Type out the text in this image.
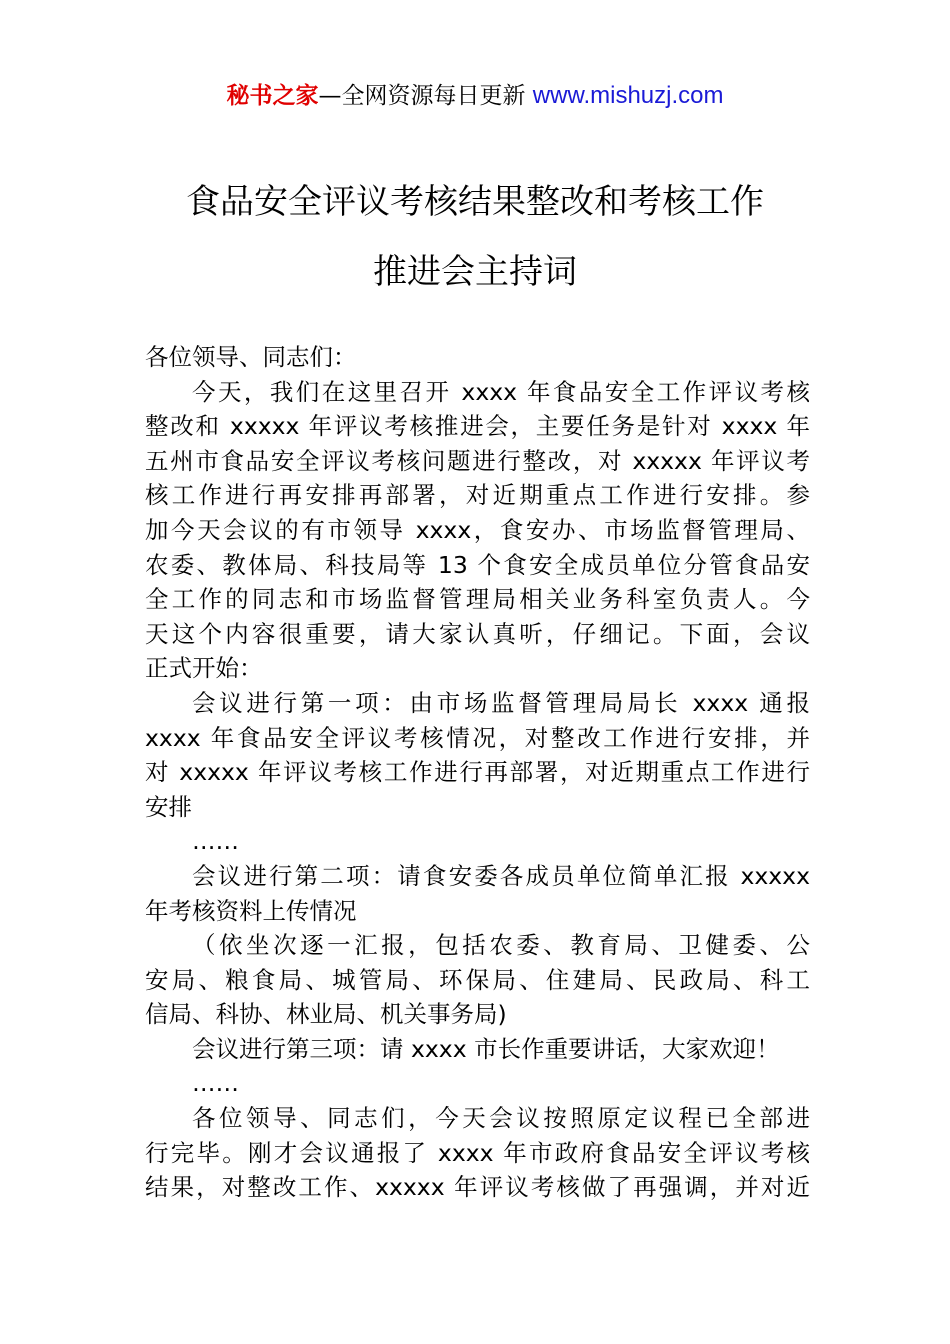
秘书之家—全网资源每日更新 www.mishuzj.com
食品安全评议考核结果整改和考核工作
推进会主持词
各位领导、同志们：
今天，我们在这里召开 xxxx 年食品安全工作评议考核
整改和 xxxxx 年评议考核推进会，主要任务是针对 xxxx 年
五州市食品安全评议考核问题进行整改，对 xxxxx 年评议考
核工作进行再安排再部署，对近期重点工作进行安排。参
加今天会议的有市领导 xxxx，食安办、市场监督管理局、
农委、教体局、科技局等 13 个食安全成员单位分管食品安
全工作的同志和市场监督管理局相关业务科室负责人。今
天这个内容很重要，请大家认真听，仔细记。下面，会议
正式开始：
会议进行第一项：由市场监督管理局局长 xxxx 通报
xxxx 年食品安全评议考核情况，对整改工作进行安排，并
对 xxxxx 年评议考核工作进行再部署，对近期重点工作进行
安排
……
会议进行第二项：请食安委各成员单位简单汇报 xxxxx
年考核资料上传情况
（依坐次逐一汇报，包括农委、教育局、卫健委、公
安局、粮食局、城管局、环保局、住建局、民政局、科工
信局、科协、林业局、机关事务局)
会议进行第三项：请 xxxx 市长作重要讲话，大家欢迎！
……
各位领导、同志们，今天会议按照原定议程已全部进
行完毕。刚才会议通报了 xxxx 年市政府食品安全评议考核
结果，对整改工作、xxxxx 年评议考核做了再强调，并对近
